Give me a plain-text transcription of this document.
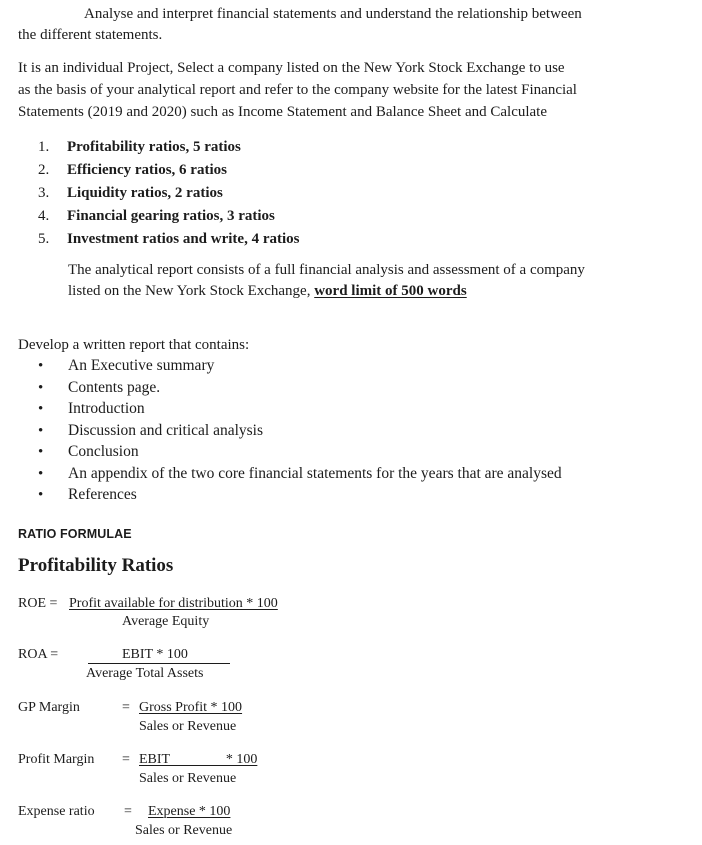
Analyse and interpret financial statements and understand the relationship between
the different statements.
It is an individual Project, Select a company listed on the New York Stock Exchange to use
as the basis of your analytical report and refer to the company website for the latest Financial
Statements (2019 and 2020) such as Income Statement and Balance Sheet and Calculate
1. Profitability ratios, 5 ratios
2. Efficiency ratios, 6 ratios
3. Liquidity ratios, 2 ratios
4. Financial gearing ratios, 3 ratios
5. Investment ratios and write, 4 ratios
The analytical report consists of a full financial analysis and assessment of a company
listed on the New York Stock Exchange, word limit of 500 words
Develop a written report that contains:
• An Executive summary
• Contents page.
• Introduction
• Discussion and critical analysis
• Conclusion
• An appendix of the two core financial statements for the years that are analysed
• References
RATIO FORMULAE
Profitability Ratios
ROE = Profit available for distribution * 100
Average Equity
ROA =	EBIT * 100
Average Total Assets
GP Margin	= Gross Profit * 100
Sales or Revenue
Profit Margin = EBIT                * 100
Sales or Revenue
Expense ratio = Expense * 100
Sales or Revenue
